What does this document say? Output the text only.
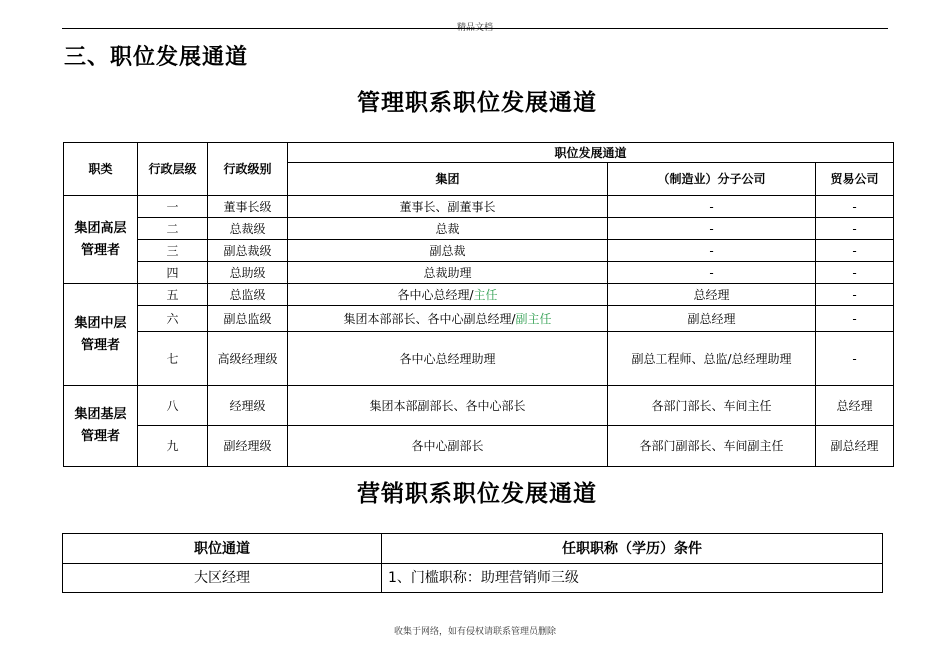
精品文档
三、职位发展通道
管理职系职位发展通道
职类	行政层级	行政级别	职位发展通道		
			集团	（制造业）分子公司	贸易公司
集团高层
管理者	一	董事长级	董事长、副董事长	-	-
	二	总裁级	总裁	-	-
	三	副总裁级	副总裁	-	-
	四	总助级	总裁助理	-	-
集团中层
管理者	五	总监级	各中心总经理/主任	总经理	-
	六	副总监级	集团本部部长、各中心副总经理/副主任	副总经理	-
	七	高级经理级	各中心总经理助理	副总工程师、总监/总经理助理	-
集团基层
管理者	八	经理级	集团本部副部长、各中心部长	各部门部长、车间主任	总经理
	九	副经理级	各中心副部长	各部门副部长、车间副主任	副总经理
营销职系职位发展通道
职位通道	任职职称（学历）条件
大区经理	1、门槛职称：助理营销师三级
收集于网络，如有侵权请联系管理员删除
